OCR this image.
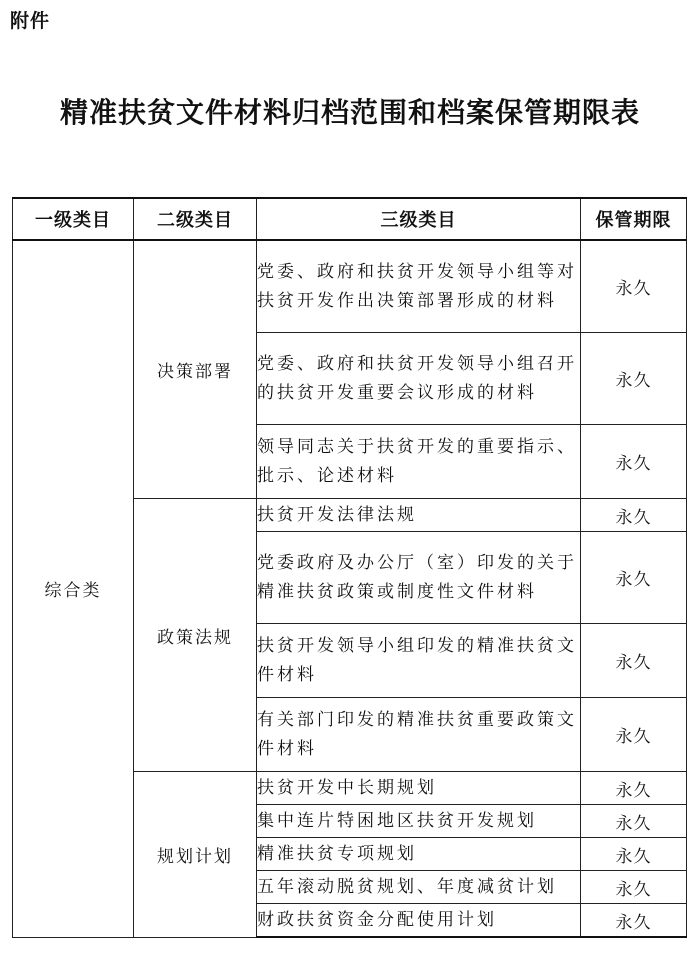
附件
精准扶贫文件材料归档范围和档案保管期限表
一级类目	二级类目	三级类目	保管期限
综合类	决策部署	党委、政府和扶贫开发领导小组等对扶贫开发作出决策部署形成的材料	永久
		党委、政府和扶贫开发领导小组召开的扶贫开发重要会议形成的材料	永久
		领导同志关于扶贫开发的重要指示、批示、论述材料	永久
	政策法规	扶贫开发法律法规	永久
		党委政府及办公厅（室）印发的关于精准扶贫政策或制度性文件材料	永久
		扶贫开发领导小组印发的精准扶贫文件材料	永久
		有关部门印发的精准扶贫重要政策文件材料	永久
	规划计划	扶贫开发中长期规划	永久
		集中连片特困地区扶贫开发规划	永久
		精准扶贫专项规划	永久
		五年滚动脱贫规划、年度减贫计划	永久
		财政扶贫资金分配使用计划	永久
